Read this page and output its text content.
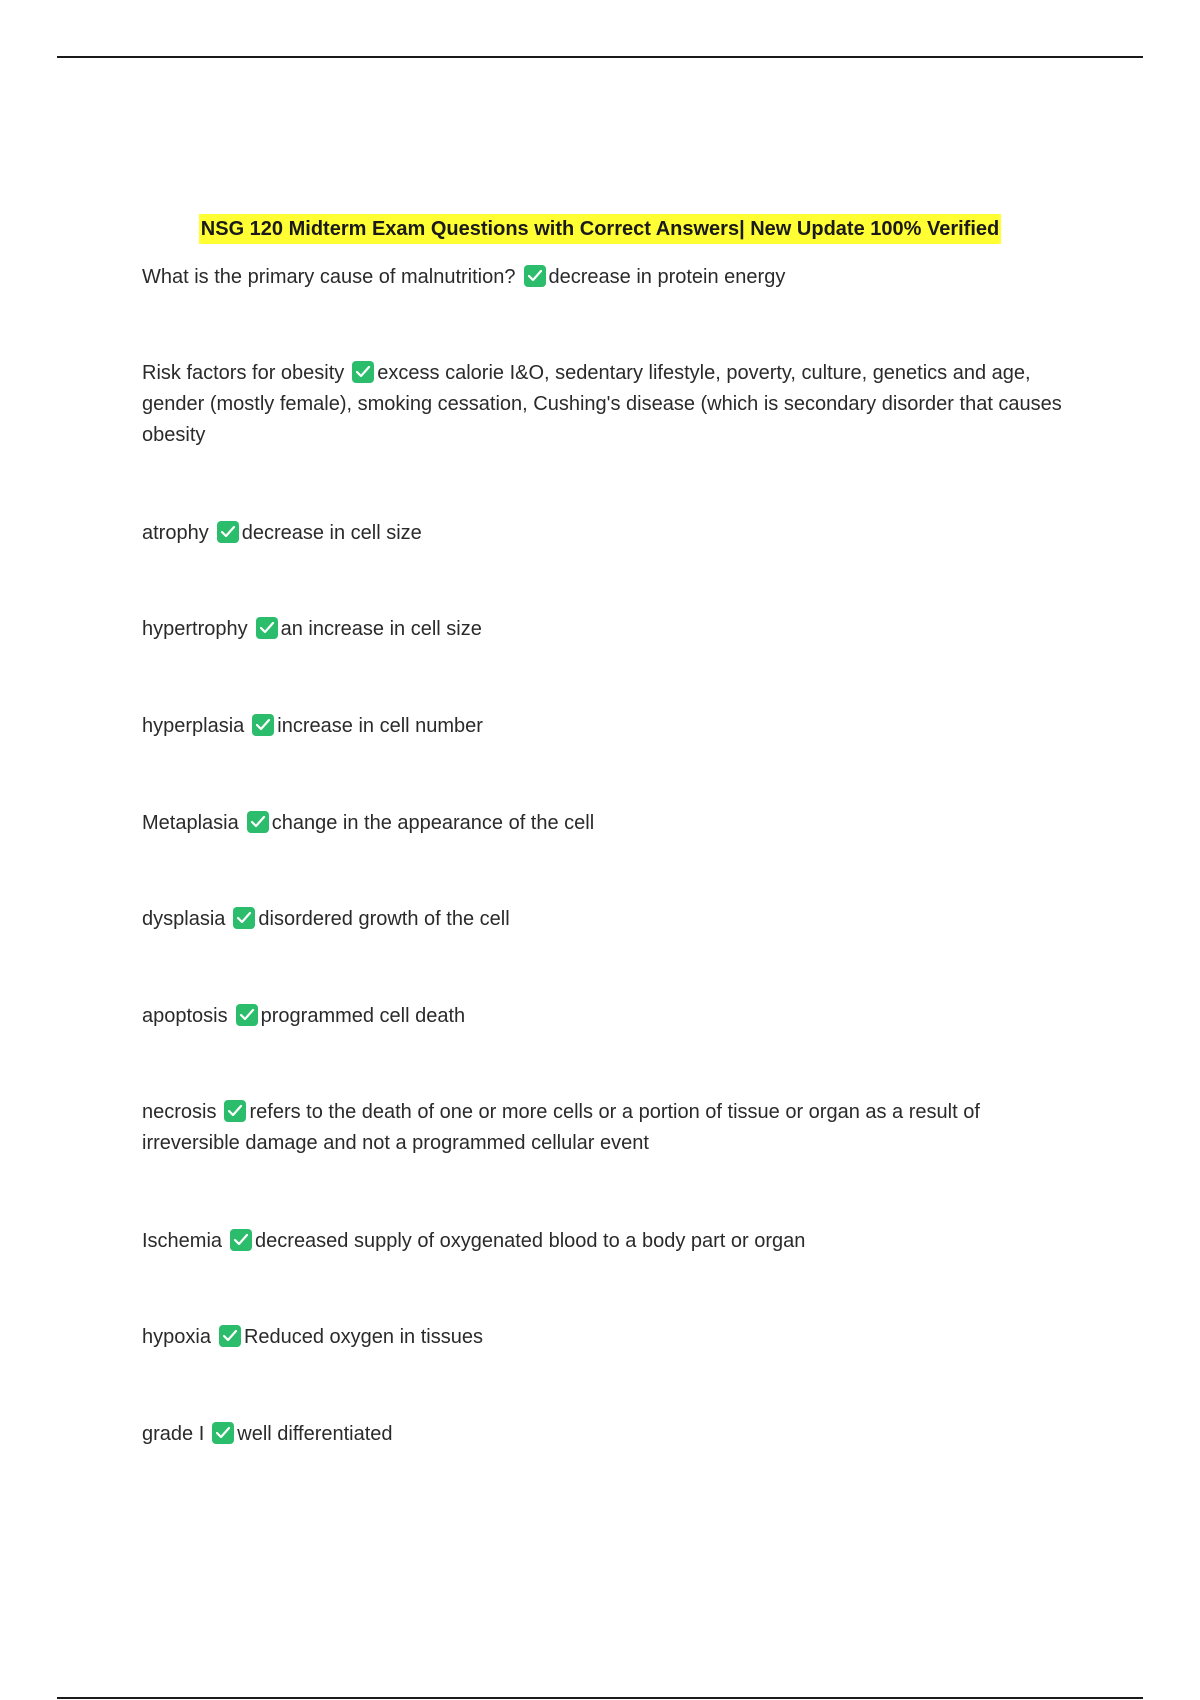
NSG 120 Midterm Exam Questions with Correct Answers| New Update 100% Verified
What is the primary cause of malnutrition? decrease in protein energy
Risk factors for obesity excess calorie I&O, sedentary lifestyle, poverty, culture, genetics and age, gender (mostly female), smoking cessation, Cushing's disease (which is secondary disorder that causes obesity
atrophy decrease in cell size
hypertrophy an increase in cell size
hyperplasia increase in cell number
Metaplasia change in the appearance of the cell
dysplasia disordered growth of the cell
apoptosis programmed cell death
necrosis refers to the death of one or more cells or a portion of tissue or organ as a result of irreversible damage and not a programmed cellular event
Ischemia decreased supply of oxygenated blood to a body part or organ
hypoxia Reduced oxygen in tissues
grade I well differentiated
